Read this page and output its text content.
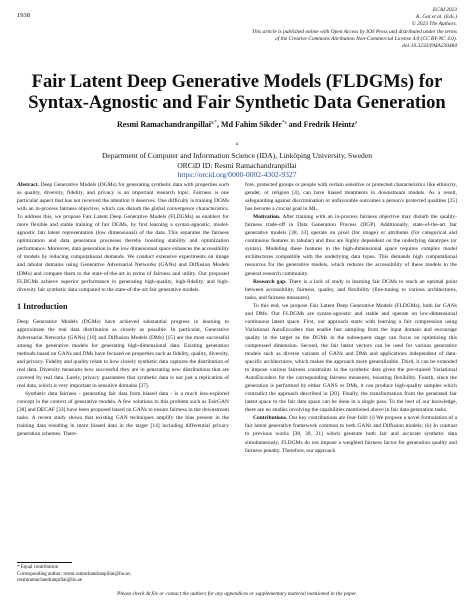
1938
ECAI 2023
K. Gal et al. (Eds.)
© 2023 The Authors.
This article is published online with Open Access by IOS Press and distributed under the terms
of the Creative Commons Attribution Non-Commercial License 4.0 (CC BY-NC 4.0).
doi:10.3233/FAIA230484
Fair Latent Deep Generative Models (FLDGMs) for
Syntax-Agnostic and Fair Synthetic Data Generation
Resmi Ramachandranpillai$^{a,*}$, Md Fahim Sikder$^{*a}$ and Fredrik Heintz$^a$
$^a$
Department of Computer and Information Science (IDA), Linköping University, Sweden
ORCiD ID: Resmi Ramachandranpillai
https://orcid.org/0000-0002-4302-9327

Abstract. Deep Generative Models (DGMs) for generating synthetic data with properties such as quality, diversity, fidelity, and privacy is an important research topic. Fairness is one particular aspect that has not received the attention it deserves. One difficulty is training DGMs with an in-process fairness objective, which can disturb the global convergence characteristics. To address this, we propose Fair Latent Deep Generative Models (FLDGMs) as enablers for more flexible and stable training of fair DGMs, by first learning a syntax-agnostic, model-agnostic fair latent representation (low dimensional) of the data. This separates the fairness optimization and data generation processes thereby boosting stability and optimization performance. Moreover, data generation in the low dimensional space enhances the accessibility of models by reducing computational demands. We conduct extensive experiments on image and tabular domains using Generative Adversarial Networks (GANs) and Diffusion Models (DMs) and compare them to the state-of-the-art in terms of fairness and utility. Our proposed FLDGMs achieve superior performance in generating high-quality, high-fidelity, and high-diversity fair synthetic data compared to the state-of-the-art fair generative models.

1 Introduction

Deep Generative Models (DGMs) have achieved substantial progress in learning to approximate the real data distribution as closely as possible. In particular, Generative Adversarial Networks (GANs) [10] and Diffusion Models (DMs) [15] are the most successful among the generative models for generating high-dimensional data. Existing generation methods based on GANs and DMs have focused on properties such as fidelity, quality, diversity, and privacy. Fidelity and quality relate to how closely synthetic data captures the distribution of real data. Diversity measures how successful they are in generating new distributions that are covered by real data. Lastly, privacy guarantees that synthetic data is not just a replication of real data, which is very important in sensitive domains [37].

Synthetic data fairness - generating fair data from biased data - is a much less-explored concept in the context of generative models. A few solutions to this problem such as FairGAN [38] and DECAF [33] have been proposed based on GANs to ensure fairness in the downstream tasks. A recent study shows that existing GAN techniques amplify the bias present in the training data resulting in more biased data in the target [14] including differential privacy generation schemes. There-

fore, protected groups or people with certain sensitive or protected characteristics like ethnicity, gender, or religion [4], can have biased treatments in downstream models. As a result, safeguarding against discrimination or unfavorable outcomes a person's protected qualities [25] has become a crucial goal in ML.

Motivation. After training with an in-process fairness objective may disturb the quality-fairness trade-off in Data Generation Process (DGP). Additionally, state-of-the-art fair generative models [38, 33] operate on pixel (for image) or attributes (for categorical and continuous features in tabular) and thus are highly dependent on the underlying datatypes (or syntax). Modeling these features in the high-dimensional space requires complex model architectures compatible with the underlying data types. This demands high computational resources for the generative models, which reduces the accessibility of these models to the general research community.

Research gap. There is a lack of study in learning fair DGMs to reach an optimal point between accessibility, fairness, quality, and flexibility (fine-tuning to various architectures, tasks, and fairness measures).

To this end, we propose Fair Latent Deep Generative Models (FLDGMs), both for GANs and DMs. Our FLDGMs are syntax-agnostic and stable and operate on low-dimensional continuous latent space. First, our approach starts with learning a fair compression using Variational AutoEncoders that enable fast sampling from the input domain and encourage quality in the target as the DGMs in the subsequent stage can focus on optimizing this compressed dimension. Second, the fair latent vectors can be used for various generative models such as diverse variants of GANs and DMs and applications independent of data-specific architectures, which makes the approach more generalizable. Third, it can be extended to impose various fairness constraints in the synthetic data given the pre-trained Variational AutoEncoders for the corresponding fairness measures, boosting flexibility. Fourth, since the generation is performed by either GANS or DMs, it can produce high-quality samples which contradict the approach described in [20]. Finally, the transformation from the generated fair latent space to the fair data space can be done in a single pass. To the best of our knowledge, there are no studies involving the capabilities mentioned above in fair data generation tasks.

Contributions. Our key contributions are four-fold: (i) We propose a novel formulation of a fair latent generative framework common to both GANs and Diffusion models; (ii) In contrast to previous works [38, 39, 21] which generate both fair and accurate synthetic data simultaneously, FLDGMs do not impose a weighted fairness factor for generation quality and fairness penalty. Therefore, our approach

* Equal contribution
Corresponding author: resmi.ramachandranpillai@liu.se;
resmiramachandranpillai@liu.se
Please check ArXiv or contact the authors for any appendices or supplementary material mentioned in the paper.
